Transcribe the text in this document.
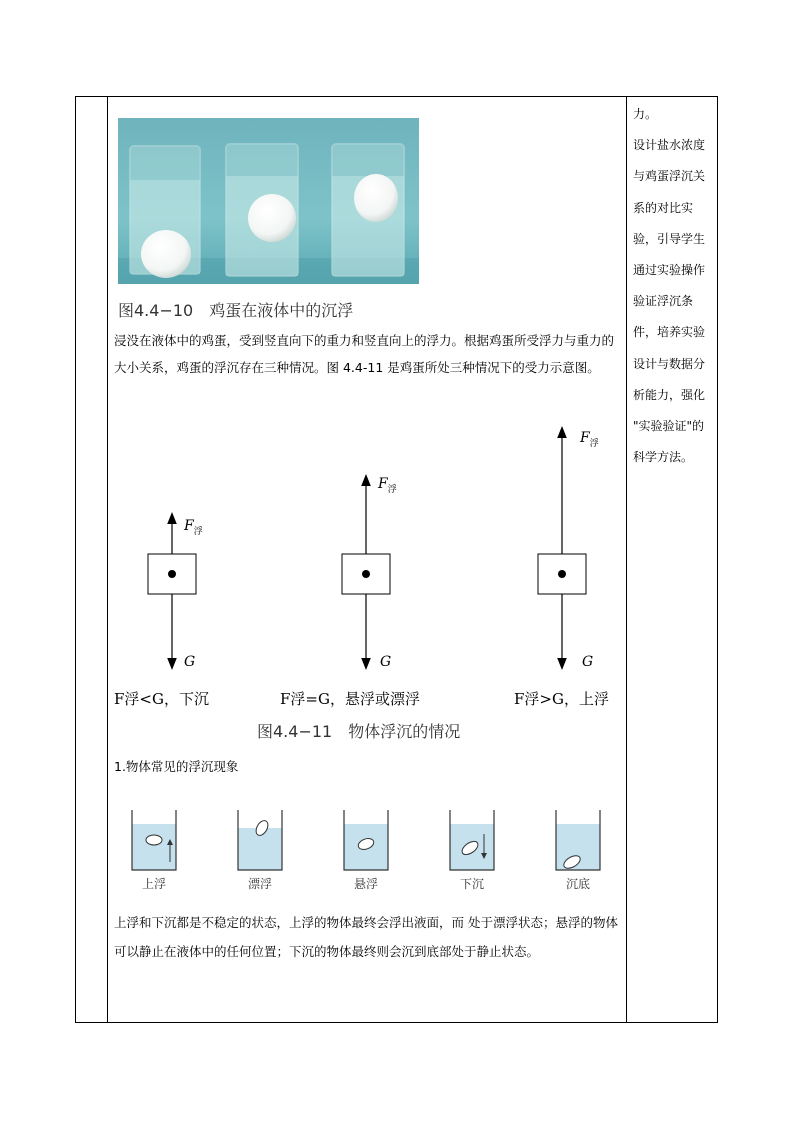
图4.4−10　鸡蛋在液体中的沉浮
浸没在液体中的鸡蛋，受到竖直向下的重力和竖直向上的浮力。根据鸡蛋所受浮力与重力的大小关系，鸡蛋的浮沉存在三种情况。图 4.4-11 是鸡蛋所处三种情况下的受力示意图。
$F_浮$
$F_浮$
$F_浮$
G	G	G
F浮<G，下沉	F浮=G，悬浮或漂浮	F浮>G，上浮
图4.4−11　物体浮沉的情况
1.物体常见的浮沉现象
上浮	漂浮	悬浮	下沉	沉底
上浮和下沉都是不稳定的状态，上浮的物体最终会浮出液面，而 处于漂浮状态；悬浮的物体可以静止在液体中的任何位置；下沉的物体最终则会沉到底部处于静止状态。
力。
设计盐水浓度
与鸡蛋浮沉关
系的对比实
验，引导学生
通过实验操作
验证浮沉条
件，培养实验
设计与数据分
析能力，强化
"实验验证"的
科学方法。
